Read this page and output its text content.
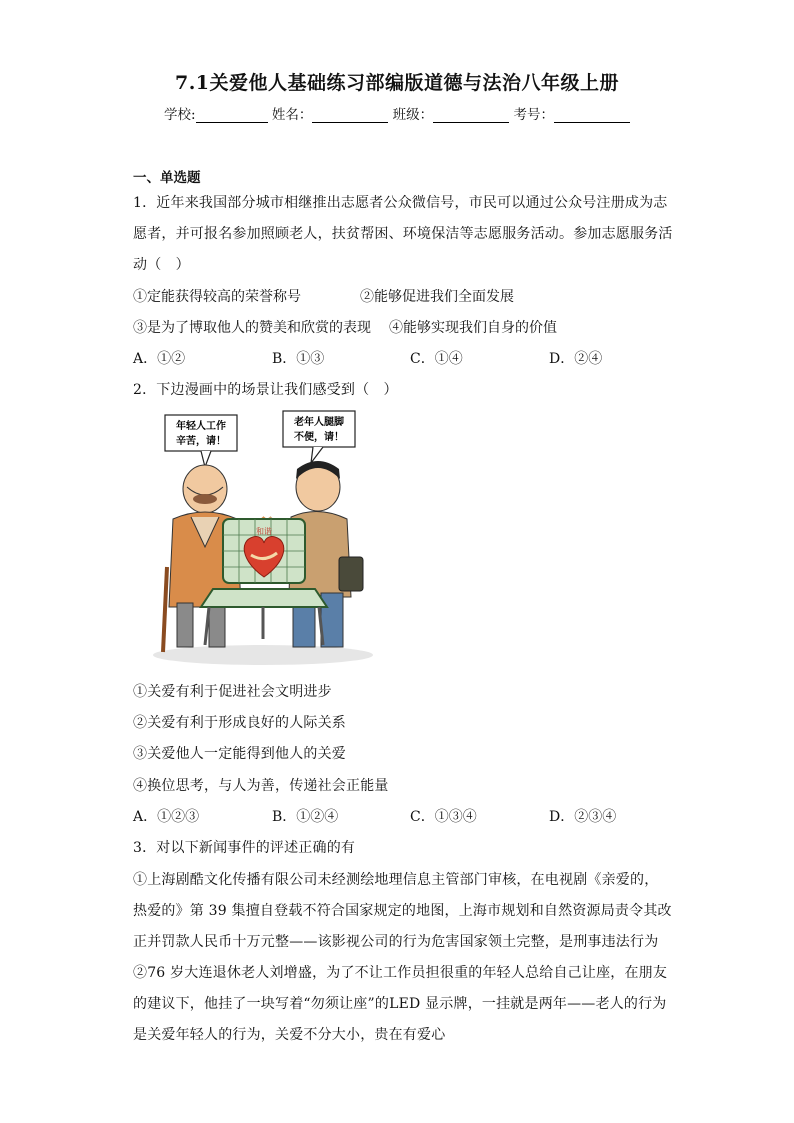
7.1关爱他人基础练习部编版道德与法治八年级上册
学校:	姓名：	班级：	考号：
一、单选题
1．近年来我国部分城市相继推出志愿者公众微信号，市民可以通过公众号注册成为志
愿者，并可报名参加照顾老人，扶贫帮困、环境保洁等志愿服务活动。参加志愿服务活
动（　）
①定能获得较高的荣誉称号	②能够促进我们全面发展
③是为了博取他人的赞美和欣赏的表现 ④能够实现我们自身的价值
A．①②	B．①③	C．①④	D．②④
2．下边漫画中的场景让我们感受到（　）
年轻人工作
辛苦，请！
老年人腿脚
不便，请！
和谐
①关爱有利于促进社会文明进步
②关爱有利于形成良好的人际关系
③关爱他人一定能得到他人的关爱
④换位思考，与人为善，传递社会正能量
A．①②③	B．①②④	C．①③④	D．②③④
3．对以下新闻事件的评述正确的有
①上海剧酷文化传播有限公司未经测绘地理信息主管部门审核，在电视剧《亲爱的，
热爱的》第 39 集擅自登载不符合国家规定的地图，上海市规划和自然资源局责令其改
正并罚款人民币十万元整——该影视公司的行为危害国家领土完整，是刑事违法行为
②76 岁大连退休老人刘增盛，为了不让工作员担很重的年轻人总给自己让座，在朋友
的建议下，他挂了一块写着“勿须让座”的LED 显示牌，一挂就是两年——老人的行为
是关爱年轻人的行为，关爱不分大小，贵在有爱心
